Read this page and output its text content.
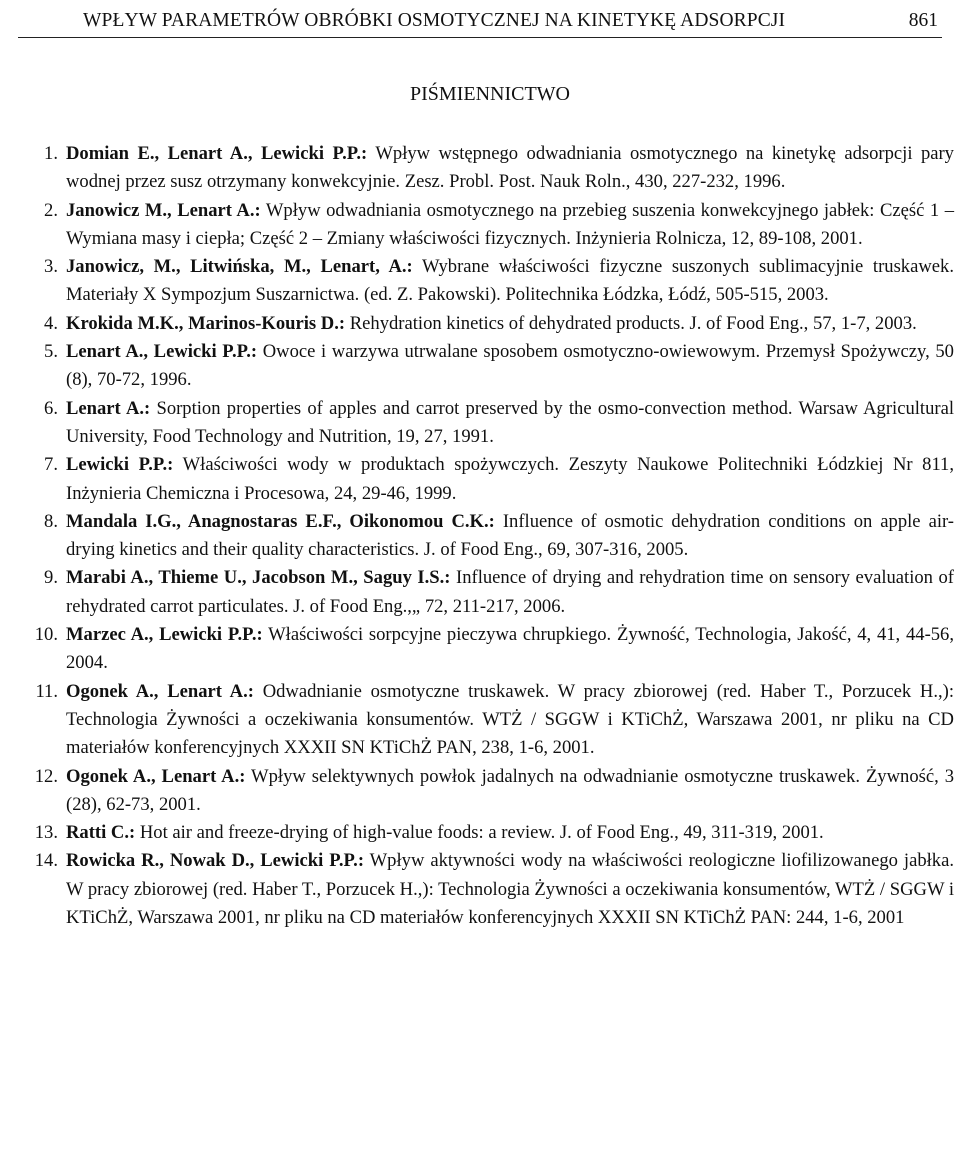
WPŁYW PARAMETRÓW OBRÓBKI OSMOTYCZNEJ NA KINETYKĘ ADSORPCJI	861
PIŚMIENNICTWO
1. Domian E., Lenart A., Lewicki P.P.: Wpływ wstępnego odwadniania osmotycznego na kinetykę adsorpcji pary wodnej przez susz otrzymany konwekcyjnie. Zesz. Probl. Post. Nauk Roln., 430, 227-232, 1996.
2. Janowicz M., Lenart A.: Wpływ odwadniania osmotycznego na przebieg suszenia konwekcyjnego jabłek: Część 1 – Wymiana masy i ciepła; Część 2 – Zmiany właściwości fizycznych. Inżynieria Rolnicza, 12, 89-108, 2001.
3. Janowicz, M., Litwińska, M., Lenart, A.: Wybrane właściwości fizyczne suszonych sublimacyjnie truskawek. Materiały X Sympozjum Suszarnictwa. (ed. Z. Pakowski). Politechnika Łódzka, Łódź, 505-515, 2003.
4. Krokida M.K., Marinos-Kouris D.: Rehydration kinetics of dehydrated products. J. of Food Eng., 57, 1-7, 2003.
5. Lenart A., Lewicki P.P.: Owoce i warzywa utrwalane sposobem osmotyczno-owiewowym. Przemysł Spożywczy, 50 (8), 70-72, 1996.
6. Lenart A.: Sorption properties of apples and carrot preserved by the osmo-convection method. Warsaw Agricultural University, Food Technology and Nutrition, 19, 27, 1991.
7. Lewicki P.P.: Właściwości wody w produktach spożywczych. Zeszyty Naukowe Politechniki Łódzkiej Nr 811, Inżynieria Chemiczna i Procesowa, 24, 29-46, 1999.
8. Mandala I.G., Anagnostaras E.F., Oikonomou C.K.: Influence of osmotic dehydration conditions on apple air-drying kinetics and their quality characteristics. J. of Food Eng., 69, 307-316, 2005.
9. Marabi A., Thieme U., Jacobson M., Saguy I.S.: Influence of drying and rehydration time on sensory evaluation of rehydrated carrot particulates. J. of Food Eng.,„ 72, 211-217, 2006.
10. Marzec A., Lewicki P.P.: Właściwości sorpcyjne pieczywa chrupkiego. Żywność, Technologia, Jakość, 4, 41, 44-56, 2004.
11. Ogonek A., Lenart A.: Odwadnianie osmotyczne truskawek. W pracy zbiorowej (red. Haber T., Porzucek H.,): Technologia Żywności a oczekiwania konsumentów. WTŻ / SGGW i KTiChŻ, Warszawa 2001, nr pliku na CD materiałów konferencyjnych XXXII SN KTiChŻ PAN, 238, 1-6, 2001.
12. Ogonek A., Lenart A.: Wpływ selektywnych powłok jadalnych na odwadnianie osmotyczne truskawek. Żywność, 3 (28), 62-73, 2001.
13. Ratti C.: Hot air and freeze-drying of high-value foods: a review. J. of Food Eng., 49, 311-319, 2001.
14. Rowicka R., Nowak D., Lewicki P.P.: Wpływ aktywności wody na właściwości reologiczne liofilizowanego jabłka. W pracy zbiorowej (red. Haber T., Porzucek H.,): Technologia Żywności a oczekiwania konsumentów, WTŻ / SGGW i KTiChŻ, Warszawa 2001, nr pliku na CD materiałów konferencyjnych XXXII SN KTiChŻ PAN: 244, 1-6, 2001
